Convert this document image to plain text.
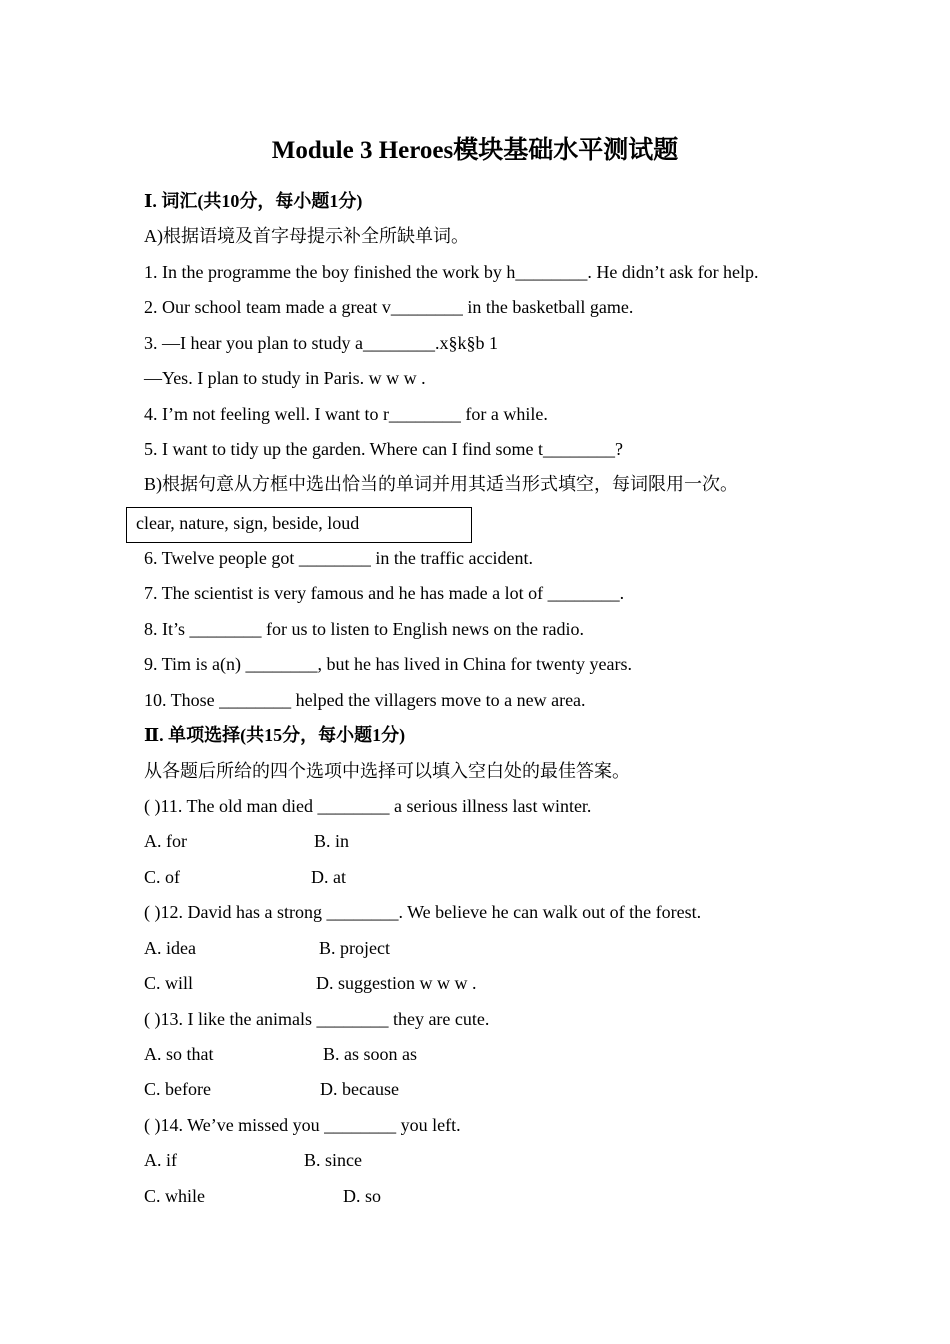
Module 3 Heroes模块基础水平测试题
Ⅰ. 词汇(共10分，每小题1分)
A)根据语境及首字母提示补全所缺单词。
1. In the programme the boy finished the work by h________. He didn’t ask for help.
2. Our school team made a great v________ in the basketball game.
3. —I hear you plan to study a________.x§k§b 1
—Yes. I plan to study in Paris. w w w .
4. I’m not feeling well. I want to r________ for a while.
5. I want to tidy up the garden. Where can I find some t________?
B)根据句意从方框中选出恰当的单词并用其适当形式填空，每词限用一次。
clear, nature, sign, beside, loud
6. Twelve people got ________ in the traffic accident.
7. The scientist is very famous and he has made a lot of ________.
8. It’s ________ for us to listen to English news on the radio.
9. Tim is a(n) ________, but he has lived in China for twenty years.
10. Those ________ helped the villagers move to a new area.
Ⅱ. 单项选择(共15分，每小题1分)
从各题后所给的四个选项中选择可以填入空白处的最佳答案。
( )11. The old man died ________ a serious illness last winter.
A. for	B. in
C. of	D. at
( )12. David has a strong ________. We believe he can walk out of the forest.
A. idea	B. project
C. will	D. suggestion w w w .
( )13. I like the animals ________ they are cute.
A. so that	B. as soon as
C. before	D. because
( )14. We’ve missed you ________ you left.
A. if	B. since
C. while	D. so
